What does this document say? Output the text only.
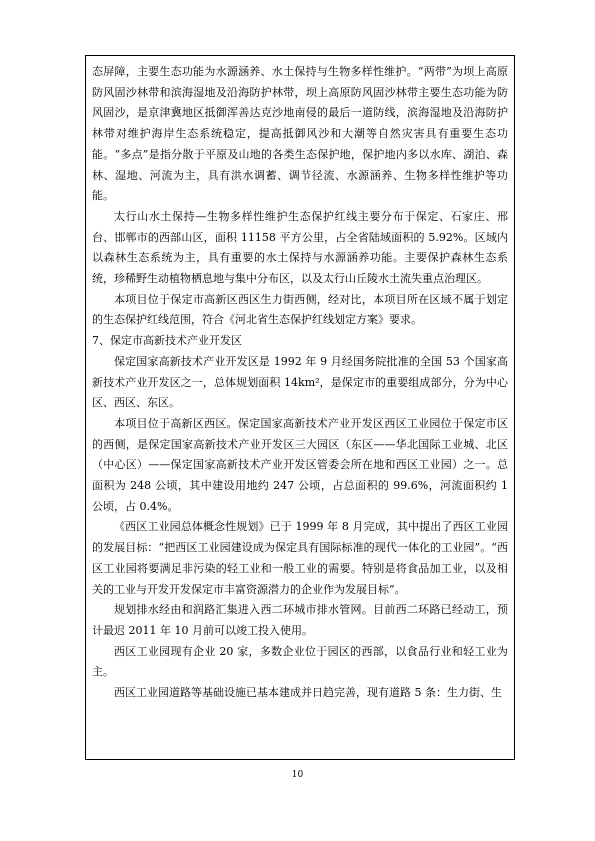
态屏障，主要生态功能为水源涵养、水土保持与生物多样性维护。“两带”为坝上高原防风固沙林带和滨海湿地及沿海防护林带，坝上高原防风固沙林带主要生态功能为防风固沙，是京津冀地区抵御浑善达克沙地南侵的最后一道防线，滨海湿地及沿海防护林带对维护海岸生态系统稳定，提高抵御风沙和大潮等自然灾害具有重要生态功能。“多点”是指分散于平原及山地的各类生态保护地，保护地内多以水库、湖泊、森林、湿地、河流为主，具有洪水调蓄、调节径流、水源涵养、生物多样性维护等功能。

太行山水土保持—生物多样性维护生态保护红线主要分布于保定、石家庄、邢台、邯郸市的西部山区，面积 11158 平方公里，占全省陆域面积的 5.92%。区域内以森林生态系统为主，具有重要的水土保持与水源涵养功能。主要保护森林生态系统，珍稀野生动植物栖息地与集中分布区，以及太行山丘陵水土流失重点治理区。

本项目位于保定市高新区西区生力街西侧，经对比，本项目所在区域不属于划定的生态保护红线范围，符合《河北省生态保护红线划定方案》要求。

7、保定市高新技术产业开发区

保定国家高新技术产业开发区是 1992 年 9 月经国务院批准的全国 53 个国家高新技术产业开发区之一，总体规划面积 14km²，是保定市的重要组成部分，分为中心区、西区、东区。

本项目位于高新区西区。保定国家高新技术产业开发区西区工业园位于保定市区的西侧，是保定国家高新技术产业开发区三大园区（东区——华北国际工业城、北区（中心区）——保定国家高新技术产业开发区管委会所在地和西区工业园）之一。总面积为 248 公顷，其中建设用地约 247 公顷，占总面积的 99.6%，河流面积约 1 公顷，占 0.4%。

《西区工业园总体概念性规划》已于 1999 年 8 月完成，其中提出了西区工业园的发展目标：“把西区工业园建设成为保定具有国际标准的现代一体化的工业园”。“西区工业园将要满足非污染的轻工业和一般工业的需要。特别是将食品加工业，以及相关的工业与开发开发保定市丰富资源潜力的企业作为发展目标”。

规划排水经由和润路汇集进入西二环城市排水管网。目前西二环路已经动工，预计最迟 2011 年 10 月前可以竣工投入使用。

西区工业园现有企业 20 家，多数企业位于园区的西部，以食品行业和轻工业为主。

西区工业园道路等基础设施已基本建成并日趋完善，现有道路 5 条：生力街、生

10
